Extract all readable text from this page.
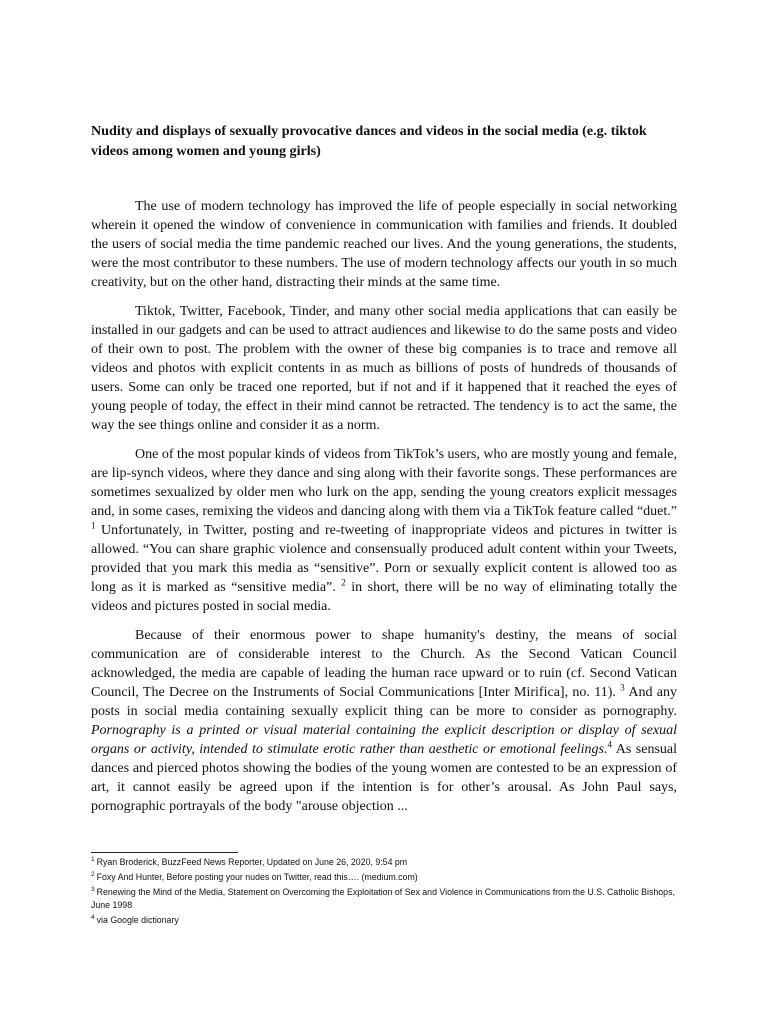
Nudity and displays of sexually provocative dances and videos in the social media (e.g. tiktok videos among women and young girls)

The use of modern technology has improved the life of people especially in social networking wherein it opened the window of convenience in communication with families and friends. It doubled the users of social media the time pandemic reached our lives. And the young generations, the students, were the most contributor to these numbers. The use of modern technology affects our youth in so much creativity, but on the other hand, distracting their minds at the same time.

Tiktok, Twitter, Facebook, Tinder, and many other social media applications that can easily be installed in our gadgets and can be used to attract audiences and likewise to do the same posts and video of their own to post. The problem with the owner of these big companies is to trace and remove all videos and photos with explicit contents in as much as billions of posts of hundreds of thousands of users. Some can only be traced one reported, but if not and if it happened that it reached the eyes of young people of today, the effect in their mind cannot be retracted. The tendency is to act the same, the way the see things online and consider it as a norm.

One of the most popular kinds of videos from TikTok’s users, who are mostly young and female, are lip-synch videos, where they dance and sing along with their favorite songs. These performances are sometimes sexualized by older men who lurk on the app, sending the young creators explicit messages and, in some cases, remixing the videos and dancing along with them via a TikTok feature called “duet.” $^1$ Unfortunately, in Twitter, posting and re-tweeting of inappropriate videos and pictures in twitter is allowed. “You can share graphic violence and consensually produced adult content within your Tweets, provided that you mark this media as “sensitive”. Porn or sexually explicit content is allowed too as long as it is marked as “sensitive media”. $^2$ in short, there will be no way of eliminating totally the videos and pictures posted in social media.

Because of their enormous power to shape humanity's destiny, the means of social communication are of considerable interest to the Church. As the Second Vatican Council acknowledged, the media are capable of leading the human race upward or to ruin (cf. Second Vatican Council, The Decree on the Instruments of Social Communications [Inter Mirifica], no. 11). $^3$ And any posts in social media containing sexually explicit thing can be more to consider as pornography. Pornography is a printed or visual material containing the explicit description or display of sexual organs or activity, intended to stimulate erotic rather than aesthetic or emotional feelings.$^4$ As sensual dances and pierced photos showing the bodies of the young women are contested to be an expression of art, it cannot easily be agreed upon if the intention is for other’s arousal. As John Paul says, pornographic portrayals of the body "arouse objection ...

$^1$ Ryan Broderick, BuzzFeed News Reporter, Updated on June 26, 2020, 9:54 pm
$^2$ Foxy And Hunter, Before posting your nudes on Twitter, read this…. (medium.com)
$^3$ Renewing the Mind of the Media, Statement on Overcoming the Exploitation of Sex and Violence in Communications from the U.S. Catholic Bishops, June 1998
$^4$ via Google dictionary
